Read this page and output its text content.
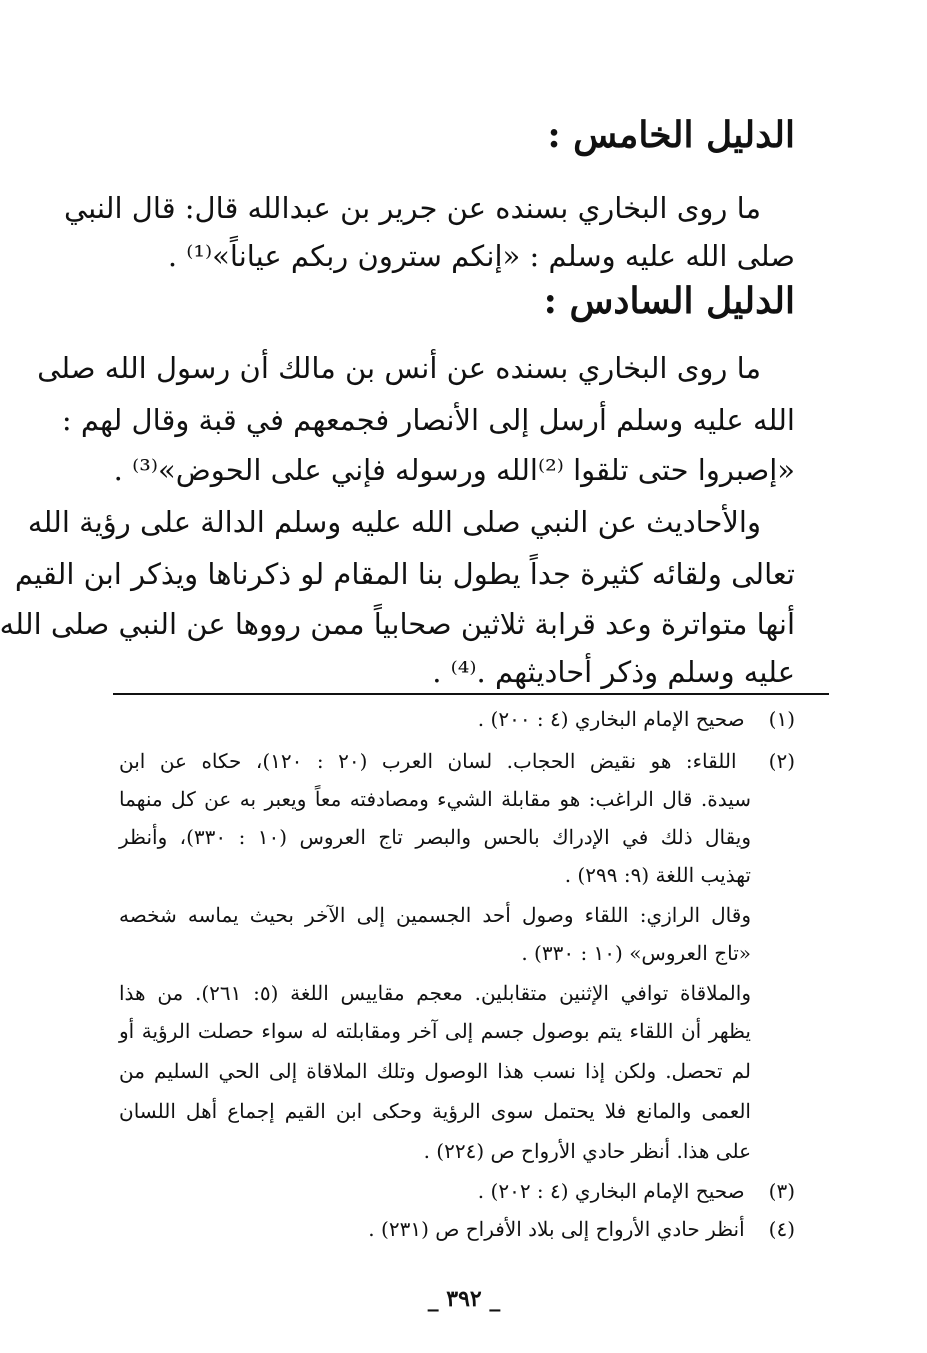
الدليل الخامس :
ما روى البخاري بسنده عن جرير بن عبدالله قال: قال النبي
صلى الله عليه وسلم : «إنكم سترون ربكم عياناً»⁽¹⁾ .
الدليل السادس :
ما روى البخاري بسنده عن أنس بن مالك أن رسول الله صلى
الله عليه وسلم أرسل إلى الأنصار فجمعهم في قبة وقال لهم :
«إصبروا حتى تلقوا ⁽²⁾الله ورسوله فإني على الحوض»⁽³⁾ .
والأحاديث عن النبي صلى الله عليه وسلم الدالة على رؤية الله
تعالى ولقائه كثيرة جداً يطول بنا المقام لو ذكرناها ويذكر ابن القيم
أنها متواترة وعد قرابة ثلاثين صحابياً ممن رووها عن النبي صلى الله
عليه وسلم وذكر أحاديثهم .⁽⁴⁾ .
(١) صحيح الإمام البخاري (٤ : ٢٠٠) .
(٢) اللقاء: هو نقيض الحجاب. لسان العرب (٢٠ : ١٢٠)، حكاه عن ابن
سيدة. قال الراغب: هو مقابلة الشيء ومصادفته معاً ويعبر به عن كل منهما
ويقال ذلك في الإدراك بالحس والبصر تاج العروس (١٠ : ٣٣٠)، وأنظر
تهذيب اللغة (٩: ٢٩٩) .
وقال الرازي: اللقاء وصول أحد الجسمين إلى الآخر بحيث يماسه شخصه
«تاج العروس» (١٠ : ٣٣٠) .
والملاقاة توافي الإثنين متقابلين. معجم مقاييس اللغة (٥: ٢٦١). من هذا
يظهر أن اللقاء يتم بوصول جسم إلى آخر ومقابلته له سواء حصلت الرؤية أو
لم تحصل. ولكن إذا نسب هذا الوصول وتلك الملاقاة إلى الحي السليم من
العمى والمانع فلا يحتمل سوى الرؤية وحكى ابن القيم إجماع أهل اللسان
على هذا. أنظر حادي الأرواح ص (٢٢٤) .
(٣) صحيح الإمام البخاري (٤ : ٢٠٢) .
(٤) أنظر حادي الأرواح إلى بلاد الأفراح ص (٢٣١) .
_ ٣٩٢ _
